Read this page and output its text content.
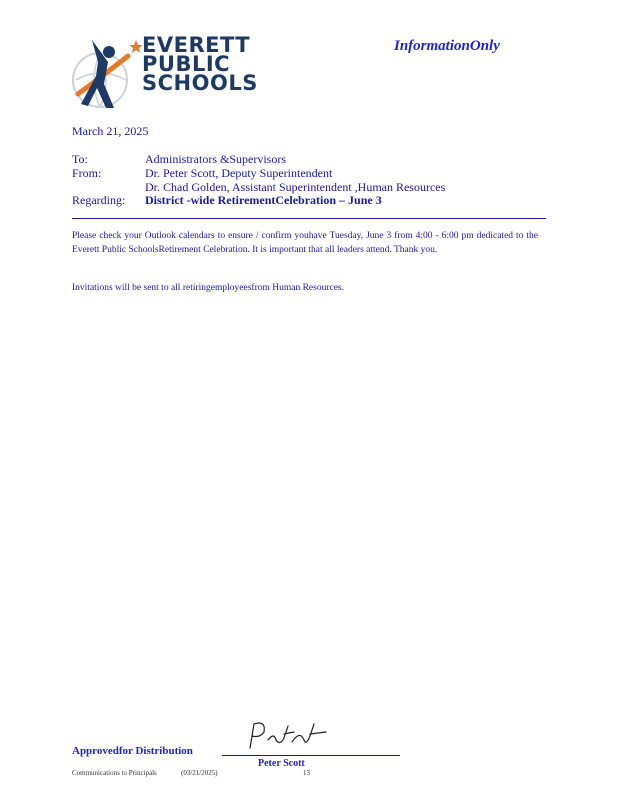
EVERETT
PUBLIC
SCHOOLS
InformationOnly
March 21, 2025
To:	Administrators &Supervisors
From:	Dr. Peter Scott, Deputy Superintendent
Dr. Chad Golden, Assistant Superintendent ,Human Resources
Regarding: District -wide RetirementCelebration – June 3
Please check your Outlook calendars to ensure / confirm youhave Tuesday, June 3 from 4:00 - 6:00 pm dedicated to the Everett Public SchoolsRetirement Celebration. It is important that all leaders attend. Thank you.
Invitations will be sent to all retiringemployeesfrom Human Resources.
Approvedfor Distribution
Peter Scott
Communications to Principals	(03/21/2025)	13
